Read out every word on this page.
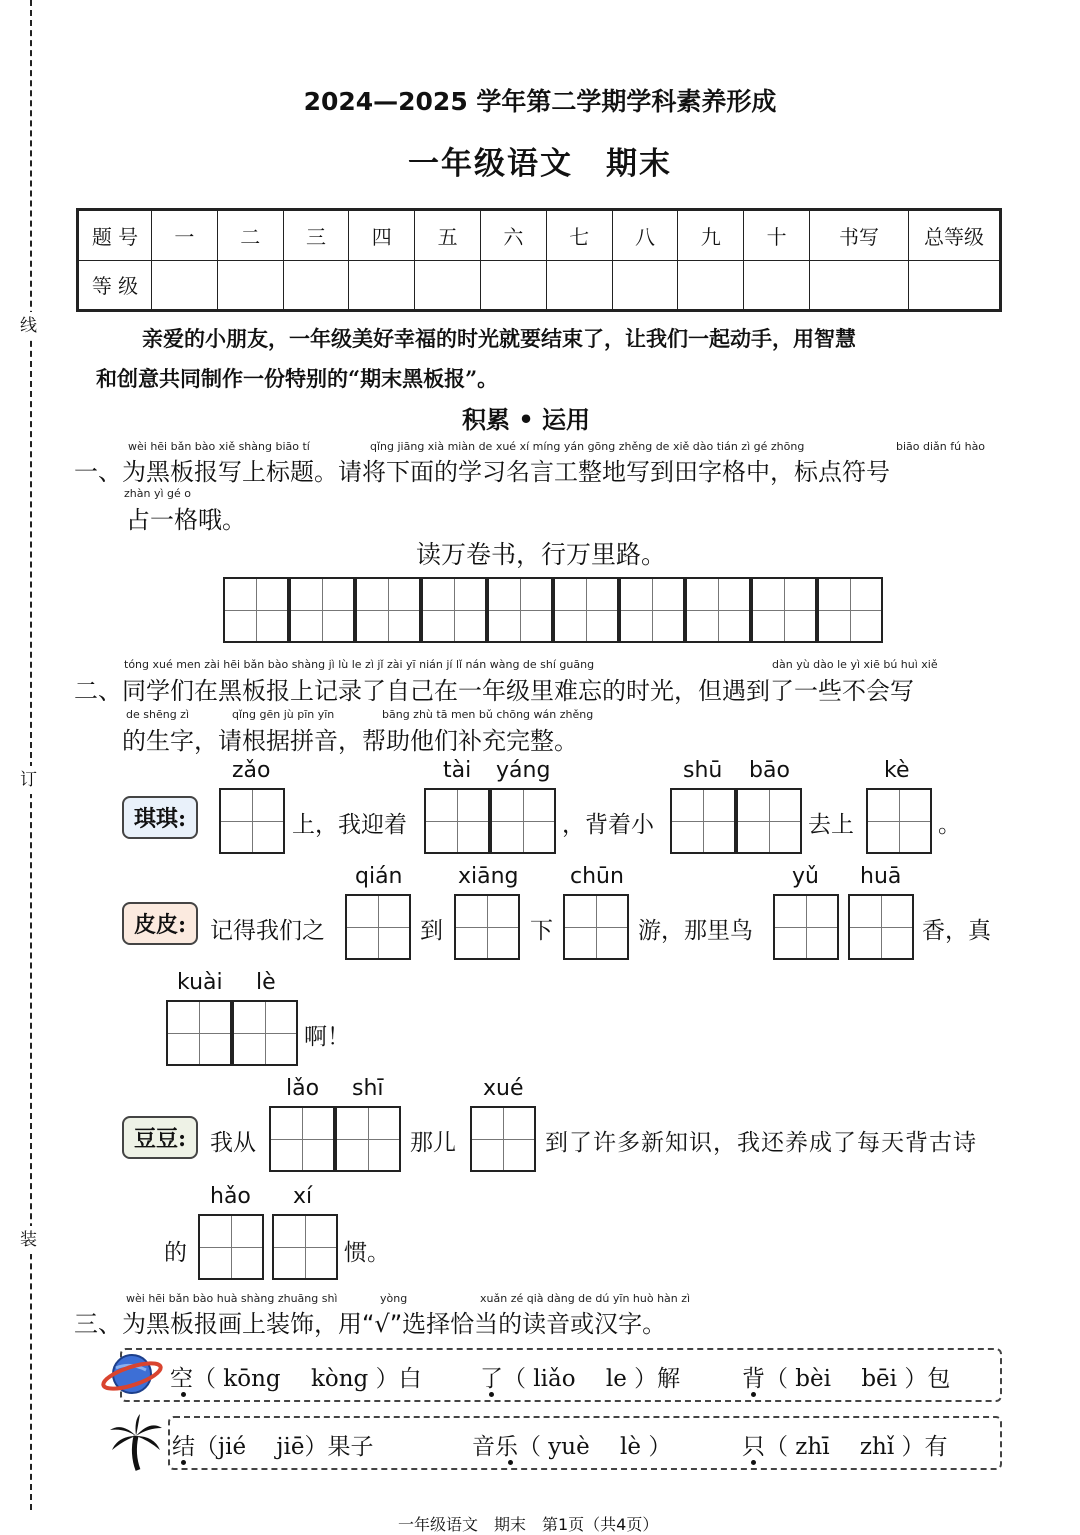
线
订
装
2024—2025 学年第二学期学科素养形成
一年级语文　期末
题 号	一	二	三	四	五	六	七	八	九	十	书写	总等级
等 级												
亲爱的小朋友，一年级美好幸福的时光就要结束了，让我们一起动手，用智慧
和创意共同制作一份特别的“期末黑板报”。
积累 • 运用
wèi hēi bǎn bào xiě shàng biāo tí	qǐng jiāng xià miàn de xué xí míng yán gōng zhěng de xiě dào tián zì gé zhōng	biāo diǎn fú hào
一、为黑板报写上标题。请将下面的学习名言工整地写到田字格中，标点符号
zhàn yì gé o
占一格哦。
读万卷书，行万里路。
tóng xué men zài hēi bǎn bào shàng jì lù le zì jǐ zài yī nián jí lǐ nán wàng de shí guāng	dàn yù dào le yì xiē bú huì xiě
二、同学们在黑板报上记录了自己在一年级里难忘的时光，但遇到了一些不会写
de shēng zì	qǐng gēn jù pīn yīn	bāng zhù tā men bǔ chōng wán zhěng
的生字，请根据拼音，帮助他们补充完整。
琪琪:
zǎo
上，我迎着
tài yáng
，背着小
shū bāo
去上
kè
。
皮皮:	记得我们之
qián
到
xiāng
下
chūn
游，那里鸟
yǔ huā
香，真
kuài lè
啊！
豆豆:	我从
lǎo shī
那儿
xué
到了许多新知识，我还养成了每天背古诗
的
hǎo xí
惯。
wèi hēi bǎn bào huà shàng zhuāng shì	yòng	xuǎn zé qià dàng de dú yīn huò hàn zì
三、为黑板报画上装饰，用“√”选择恰当的读音或汉字。
空（ kōng　 kòng ）白	了（ liǎo　 le ）解	背（ bèi　 bēi ）包
结（jié　 jiē）果子	音乐（ yuè　 lè ）	只（ zhī　 zhǐ ）有
一年级语文　期末　第1页（共4页）
